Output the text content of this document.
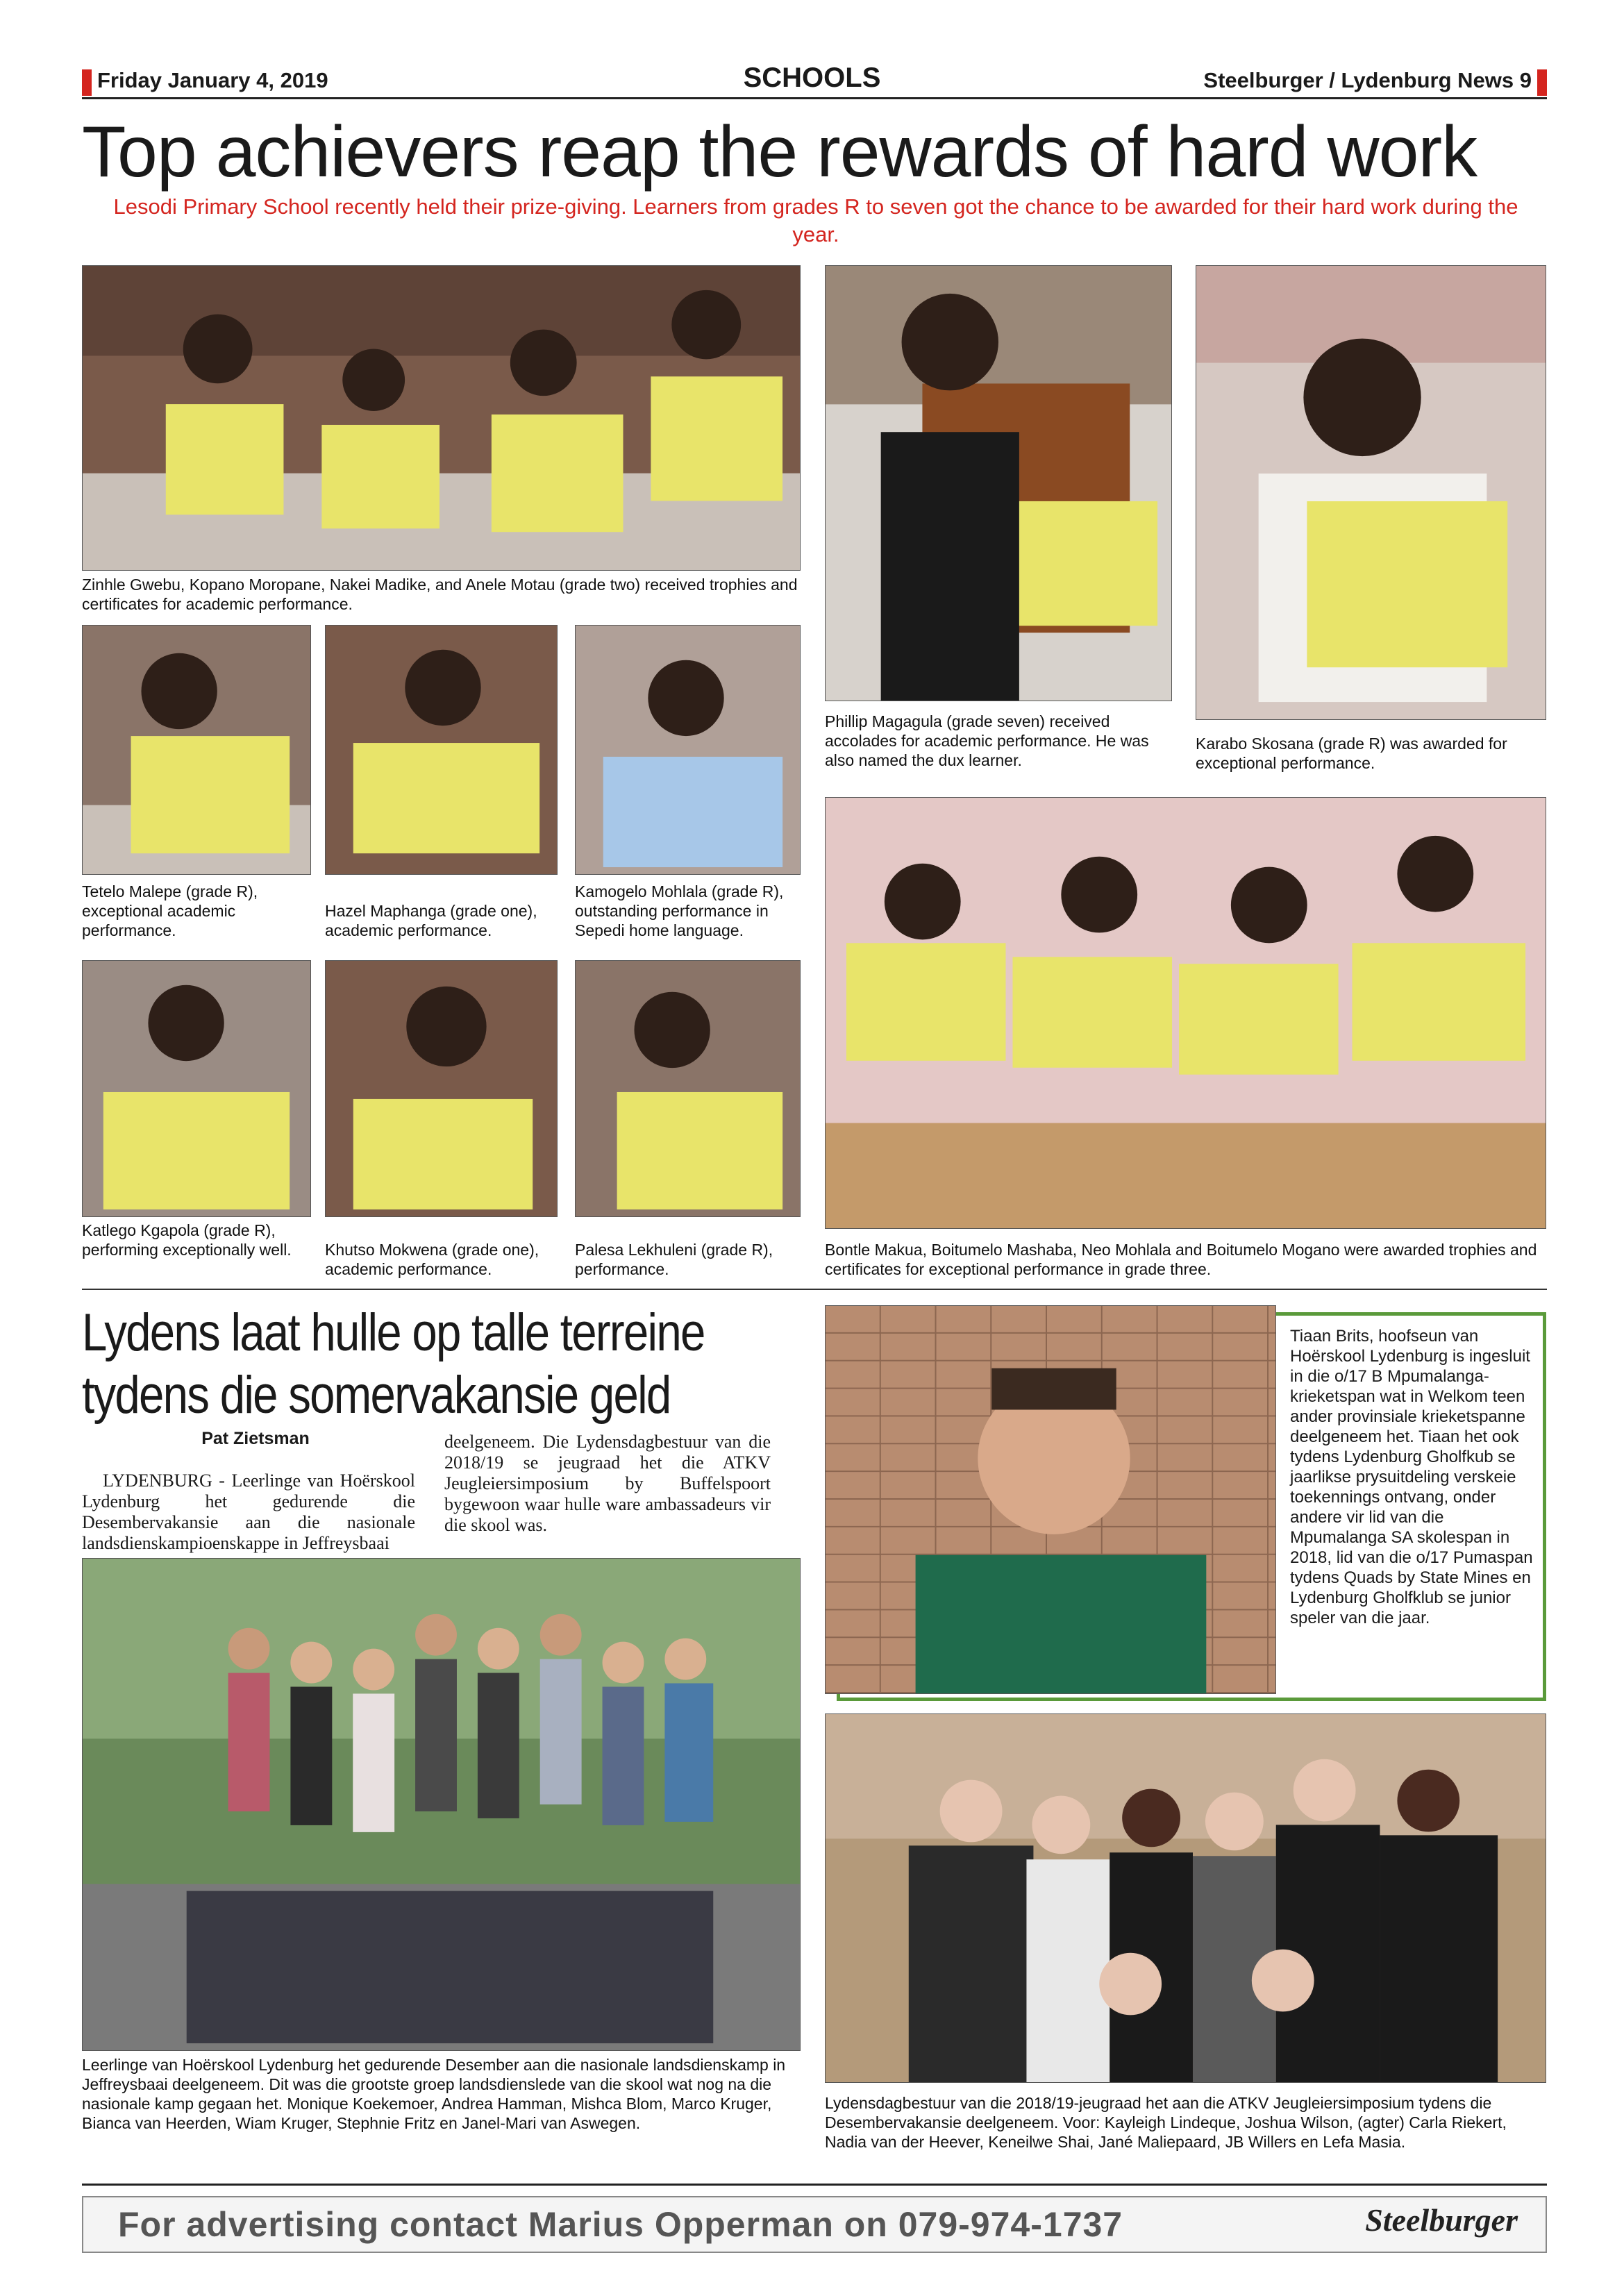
Friday January 4, 2019	SCHOOLS	Steelburger / Lydenburg News 9
Top achievers reap the rewards of hard work
Lesodi Primary School recently held their prize-giving. Learners from grades R to seven got the chance to be awarded for their hard work during the year.
Zinhle Gwebu, Kopano Moropane, Nakei Madike, and Anele Motau (grade two) received trophies and certificates for academic performance.
Phillip Magagula (grade seven) received accolades for academic performance. He was also named the dux learner.
Karabo Skosana (grade R) was awarded for exceptional performance.
Tetelo Malepe (grade R), exceptional academic performance.
Hazel Maphanga (grade one), academic performance.
Kamogelo Mohlala (grade R), outstanding performance in Sepedi home language.
Katlego Kgapola (grade R), performing exceptionally well.	Khutso Mokwena (grade one), academic performance.
Palesa Lekhuleni (grade R), performance.
Bontle Makua, Boitumelo Mashaba, Neo Mohlala and Boitumelo Mogano were awarded trophies and certificates for exceptional performance in grade three.
Lydens laat hulle op talle terreine tydens die somervakansie geld
Pat Zietsman
LYDENBURG - Leerlinge van Hoërskool Lydenburg het gedurende die Desembervakansie aan die nasionale landsdienskampioenskappe in Jeffreysbaai
deelgeneem. Die Lydensdagbestuur van die 2018/19 se jeugraad het die ATKV Jeugleiersimposium by Buffelspoort bygewoon waar hulle ware ambassadeurs vir die skool was.
Tiaan Brits, hoofseun van Hoërskool Lydenburg is ingesluit in die o/17 B Mpumalanga-krieketspan wat in Welkom teen ander provinsiale krieketspanne deelgeneem het. Tiaan het ook tydens Lydenburg Gholfkub se jaarlikse prysuitdeling verskeie toekennings ontvang, onder andere vir lid van die Mpumalanga SA skolespan in 2018, lid van die o/17 Pumaspan tydens Quads by State Mines en Lydenburg Gholfklub se junior speler van die jaar.
Leerlinge van Hoërskool Lydenburg het gedurende Desember aan die nasionale landsdienskamp in Jeffreysbaai deelgeneem. Dit was die grootste groep landsdienslede van die skool wat nog na die nasionale kamp gegaan het. Monique Koekemoer, Andrea Hamman, Mishca Blom, Marco Kruger, Bianca van Heerden, Wiam Kruger, Stephnie Fritz en Janel-Mari van Aswegen.
Lydensdagbestuur van die 2018/19-jeugraad het aan die ATKV Jeugleiersimposium tydens die Desembervakansie deelgeneem. Voor: Kayleigh Lindeque, Joshua Wilson, (agter) Carla Riekert, Nadia van der Heever, Keneilwe Shai, Jané Maliepaard, JB Willers en Lefa Masia.
For advertising contact Marius Opperman on 079-974-1737	Steelburger
